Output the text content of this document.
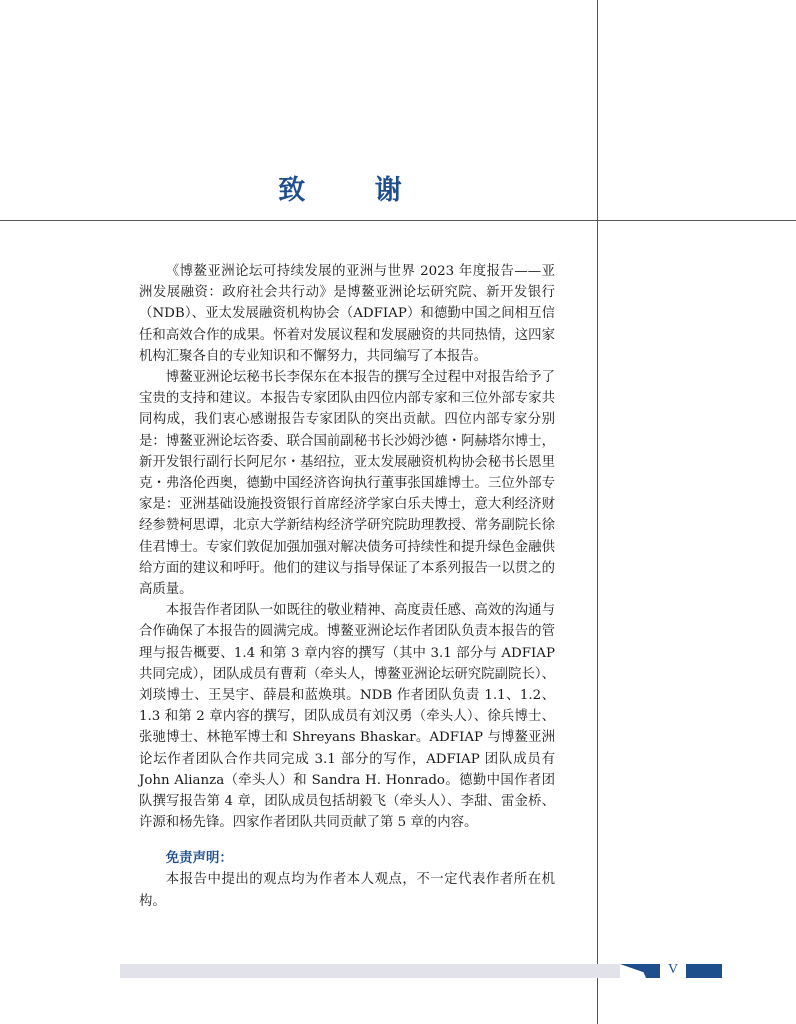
致 谢

《博鳌亚洲论坛可持续发展的亚洲与世界 2023 年度报告——亚洲发展融资：政府社会共行动》是博鳌亚洲论坛研究院、新开发银行（NDB）、亚太发展融资机构协会（ADFIAP）和德勤中国之间相互信任和高效合作的成果。怀着对发展议程和发展融资的共同热情，这四家机构汇聚各自的专业知识和不懈努力，共同编写了本报告。

博鳌亚洲论坛秘书长李保东在本报告的撰写全过程中对报告给予了宝贵的支持和建议。本报告专家团队由四位内部专家和三位外部专家共同构成，我们衷心感谢报告专家团队的突出贡献。四位内部专家分别是：博鳌亚洲论坛咨委、联合国前副秘书长沙姆沙德・阿赫塔尔博士，新开发银行副行长阿尼尔・基绍拉，亚太发展融资机构协会秘书长恩里克・弗洛伦西奥，德勤中国经济咨询执行董事张国雄博士。三位外部专家是：亚洲基础设施投资银行首席经济学家白乐夫博士，意大利经济财经参赞柯思谭，北京大学新结构经济学研究院助理教授、常务副院长徐佳君博士。专家们敦促加强加强对解决债务可持续性和提升绿色金融供给方面的建议和呼吁。他们的建议与指导保证了本系列报告一以贯之的高质量。

本报告作者团队一如既往的敬业精神、高度责任感、高效的沟通与合作确保了本报告的圆满完成。博鳌亚洲论坛作者团队负责本报告的管理与报告概要、1.4 和第 3 章内容的撰写（其中 3.1 部分与 ADFIAP 共同完成），团队成员有曹莉（牵头人，博鳌亚洲论坛研究院副院长）、刘琰博士、王昊宇、薛晨和蓝焕琪。NDB 作者团队负责 1.1、1.2、1.3 和第 2 章内容的撰写，团队成员有刘汉勇（牵头人）、徐兵博士、张驰博士、林艳军博士和 Shreyans Bhaskar。ADFIAP 与博鳌亚洲论坛作者团队合作共同完成 3.1 部分的写作，ADFIAP 团队成员有 John Alianza（牵头人）和 Sandra H. Honrado。德勤中国作者团队撰写报告第 4 章，团队成员包括胡毅飞（牵头人）、李甜、雷金桥、许源和杨先锋。四家作者团队共同贡献了第 5 章的内容。

免责声明：

本报告中提出的观点均为作者本人观点，不一定代表作者所在机构。

V
